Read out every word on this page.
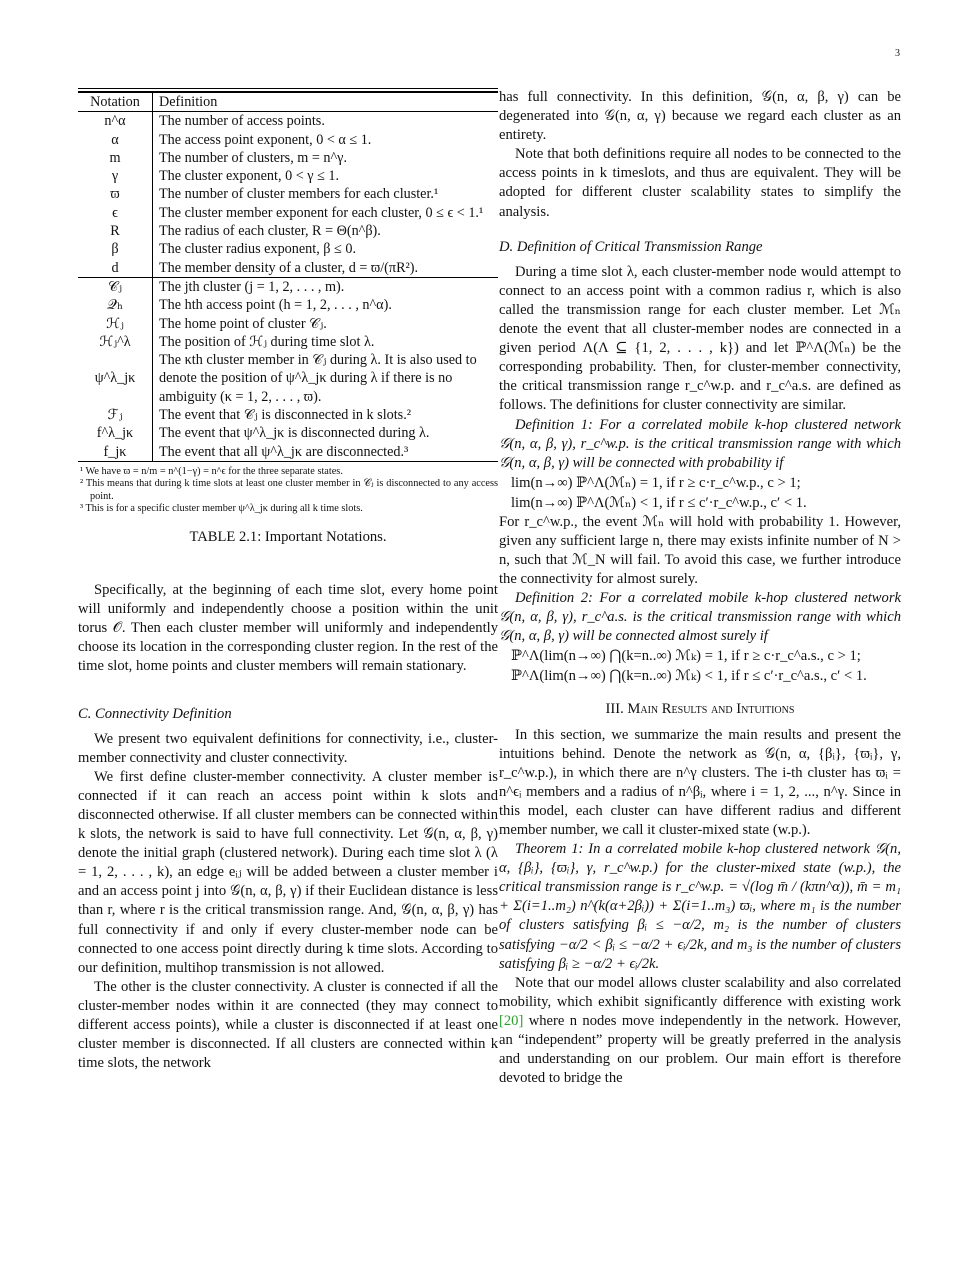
3
Notation	Definition
n^α	The number of access points.
α	The access point exponent, 0 < α ≤ 1.
m	The number of clusters, m = n^γ.
γ	The cluster exponent, 0 < γ ≤ 1.
ϖ	The number of cluster members for each cluster.¹
ϵ	The cluster member exponent for each cluster, 0 ≤ ϵ < 1.¹
R	The radius of each cluster, R = Θ(n^β).
β	The cluster radius exponent, β ≤ 0.
d	The member density of a cluster, d = ϖ/(πR²).
𝒞ⱼ	The jth cluster (j = 1, 2, . . . , m).
𝒬ₕ	The hth access point (h = 1, 2, . . . , n^α).
ℋⱼ	The home point of cluster 𝒞ⱼ.
ℋⱼ^λ	The position of ℋⱼ during time slot λ.
ψ^λ_jκ	The κth cluster member in 𝒞ⱼ during λ. It is also used to denote the position of ψ^λ_jκ during λ if there is no ambiguity (κ = 1, 2, . . . , ϖ).
ℱⱼ	The event that 𝒞ⱼ is disconnected in k slots.²
f^λ_jκ	The event that ψ^λ_jκ is disconnected during λ.
f_jκ	The event that all ψ^λ_jκ are disconnected.³
¹ We have ϖ = n/m = n^(1−γ) = n^ϵ for the three separate states.
² This means that during k time slots at least one cluster member in 𝒞ⱼ is disconnected to any access point.
³ This is for a specific cluster member ψ^λ_jκ during all k time slots.
TABLE 2.1: Important Notations.

Specifically, at the beginning of each time slot, every home point will uniformly and independently choose a position within the unit torus 𝒪. Then each cluster member will uniformly and independently choose its location in the corresponding cluster region. In the rest of the time slot, home points and cluster members will remain stationary.

C. Connectivity Definition

We present two equivalent definitions for connectivity, i.e., cluster-member connectivity and cluster connectivity.

We first define cluster-member connectivity. A cluster member is connected if it can reach an access point within k slots and disconnected otherwise. If all cluster members can be connected within k slots, the network is said to have full connectivity. Let 𝒢(n, α, β, γ) denote the initial graph (clustered network). During each time slot λ (λ = 1, 2, . . . , k), an edge eᵢⱼ will be added between a cluster member i and an access point j into 𝒢(n, α, β, γ) if their Euclidean distance is less than r, where r is the critical transmission range. And, 𝒢(n, α, β, γ) has full connectivity if and only if every cluster-member node can be connected to one access point directly during k time slots. According to our definition, multihop transmission is not allowed.

The other is the cluster connectivity. A cluster is connected if all the cluster-member nodes within it are connected (they may connect to different access points), while a cluster is disconnected if at least one cluster member is disconnected. If all clusters are connected within k time slots, the network

has full connectivity. In this definition, 𝒢(n, α, β, γ) can be degenerated into 𝒢(n, α, γ) because we regard each cluster as an entirety.

Note that both definitions require all nodes to be connected to the access points in k timeslots, and thus are equivalent. They will be adopted for different cluster scalability states to simplify the analysis.

D. Definition of Critical Transmission Range

During a time slot λ, each cluster-member node would attempt to connect to an access point with a common radius r, which is also called the transmission range for each cluster member. Let ℳₙ denote the event that all cluster-member nodes are connected in a given period Λ(Λ ⊆ {1, 2, . . . , k}) and let ℙ^Λ(ℳₙ) be the corresponding probability. Then, for cluster-member connectivity, the critical transmission range r_c^w.p. and r_c^a.s. are defined as follows. The definitions for cluster connectivity are similar.

Definition 1: For a correlated mobile k-hop clustered network 𝒢(n, α, β, γ), r_c^w.p. is the critical transmission range with which 𝒢(n, α, β, γ) will be connected with probability if

lim(n→∞) ℙ^Λ(ℳₙ) = 1, if r ≥ c·r_c^w.p., c > 1;
lim(n→∞) ℙ^Λ(ℳₙ) < 1, if r ≤ c′·r_c^w.p., c′ < 1.

For r_c^w.p., the event ℳₙ will hold with probability 1. However, given any sufficient large n, there may exists infinite number of N > n, such that ℳ_N will fail. To avoid this case, we further introduce the connectivity for almost surely.

Definition 2: For a correlated mobile k-hop clustered network 𝒢(n, α, β, γ), r_c^a.s. is the critical transmission range with which 𝒢(n, α, β, γ) will be connected almost surely if

ℙ^Λ(lim(n→∞) ⋂(k=n..∞) ℳₖ) = 1, if r ≥ c·r_c^a.s., c > 1;
ℙ^Λ(lim(n→∞) ⋂(k=n..∞) ℳₖ) < 1, if r ≤ c′·r_c^a.s., c′ < 1.
III. Main Results and Intuitions

In this section, we summarize the main results and present the intuitions behind. Denote the network as 𝒢(n, α, {βᵢ}, {ϖᵢ}, γ, r_c^w.p.), in which there are n^γ clusters. The i-th cluster has ϖᵢ = n^ϵᵢ members and a radius of n^βᵢ, where i = 1, 2, ..., n^γ. Since in this model, each cluster can have different radius and different member number, we call it cluster-mixed state (w.p.).

Theorem 1: In a correlated mobile k-hop clustered network 𝒢(n, α, {βᵢ}, {ϖᵢ}, γ, r_c^w.p.) for the cluster-mixed state (w.p.), the critical transmission range is r_c^w.p. = √(log m̄ / (kπn^α)), m̄ = m₁ + Σ(i=1..m₂) n^(k(α+2βᵢ)) + Σ(i=1..m₃) ϖᵢ, where m₁ is the number of clusters satisfying βᵢ ≤ −α/2, m₂ is the number of clusters satisfying −α/2 < βᵢ ≤ −α/2 + ϵᵢ/2k, and m₃ is the number of clusters satisfying βᵢ ≥ −α/2 + ϵᵢ/2k.

Note that our model allows cluster scalability and also correlated mobility, which exhibit significantly difference with existing work [20] where n nodes move independently in the network. However, an “independent” property will be greatly preferred in the analysis and understanding on our problem. Our main effort is therefore devoted to bridge the
